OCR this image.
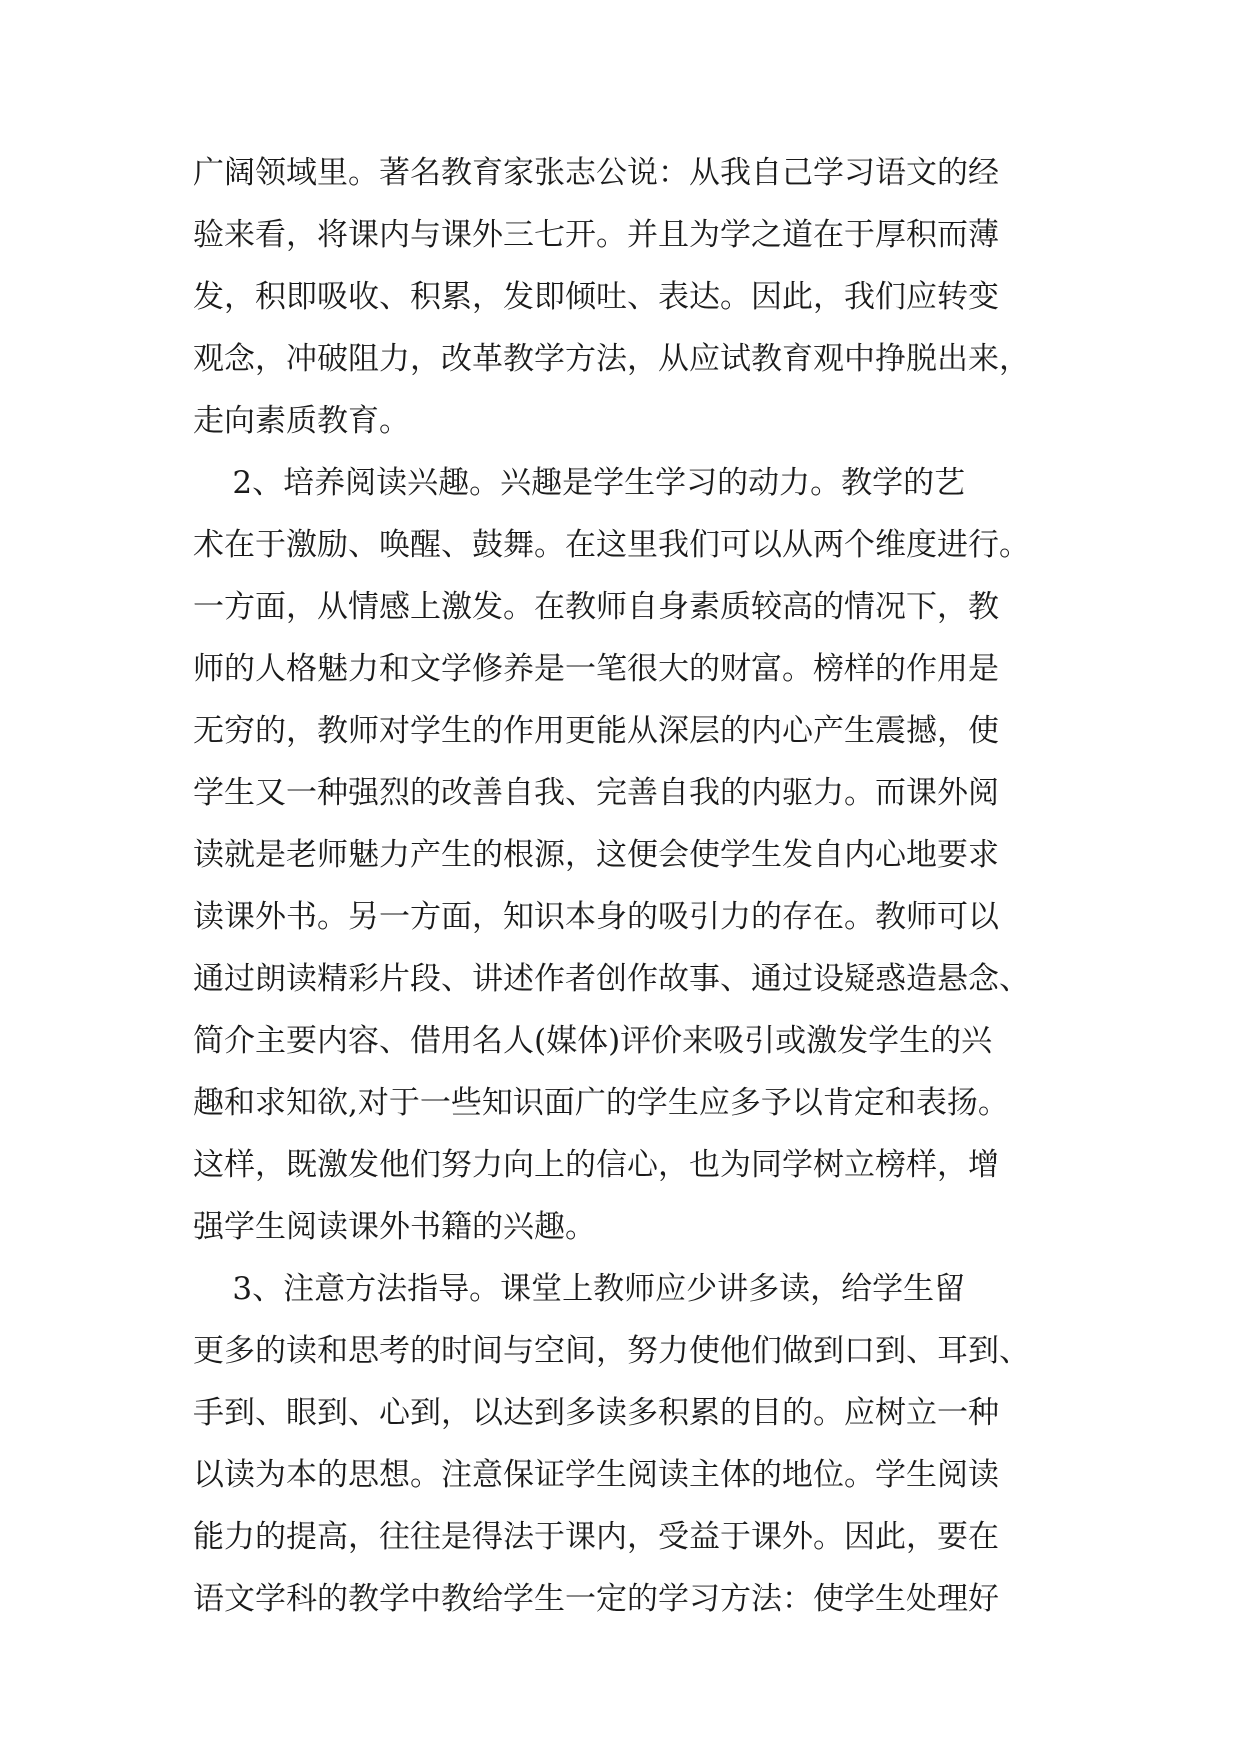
广阔领域里。著名教育家张志公说：从我自己学习语文的经
验来看，将课内与课外三七开。并且为学之道在于厚积而薄
发，积即吸收、积累，发即倾吐、表达。因此，我们应转变
观念，冲破阻力，改革教学方法，从应试教育观中挣脱出来，
走向素质教育。
2、培养阅读兴趣。兴趣是学生学习的动力。教学的艺
术在于激励、唤醒、鼓舞。在这里我们可以从两个维度进行。
一方面，从情感上激发。在教师自身素质较高的情况下，教
师的人格魅力和文学修养是一笔很大的财富。榜样的作用是
无穷的，教师对学生的作用更能从深层的内心产生震撼，使
学生又一种强烈的改善自我、完善自我的内驱力。而课外阅
读就是老师魅力产生的根源，这便会使学生发自内心地要求
读课外书。另一方面，知识本身的吸引力的存在。教师可以
通过朗读精彩片段、讲述作者创作故事、通过设疑惑造悬念、
简介主要内容、借用名人(媒体)评价来吸引或激发学生的兴
趣和求知欲,对于一些知识面广的学生应多予以肯定和表扬。
这样，既激发他们努力向上的信心，也为同学树立榜样，增
强学生阅读课外书籍的兴趣。
3、注意方法指导。课堂上教师应少讲多读，给学生留
更多的读和思考的时间与空间，努力使他们做到口到、耳到、
手到、眼到、心到，以达到多读多积累的目的。应树立一种
以读为本的思想。注意保证学生阅读主体的地位。学生阅读
能力的提高，往往是得法于课内，受益于课外。因此，要在
语文学科的教学中教给学生一定的学习方法：使学生处理好
